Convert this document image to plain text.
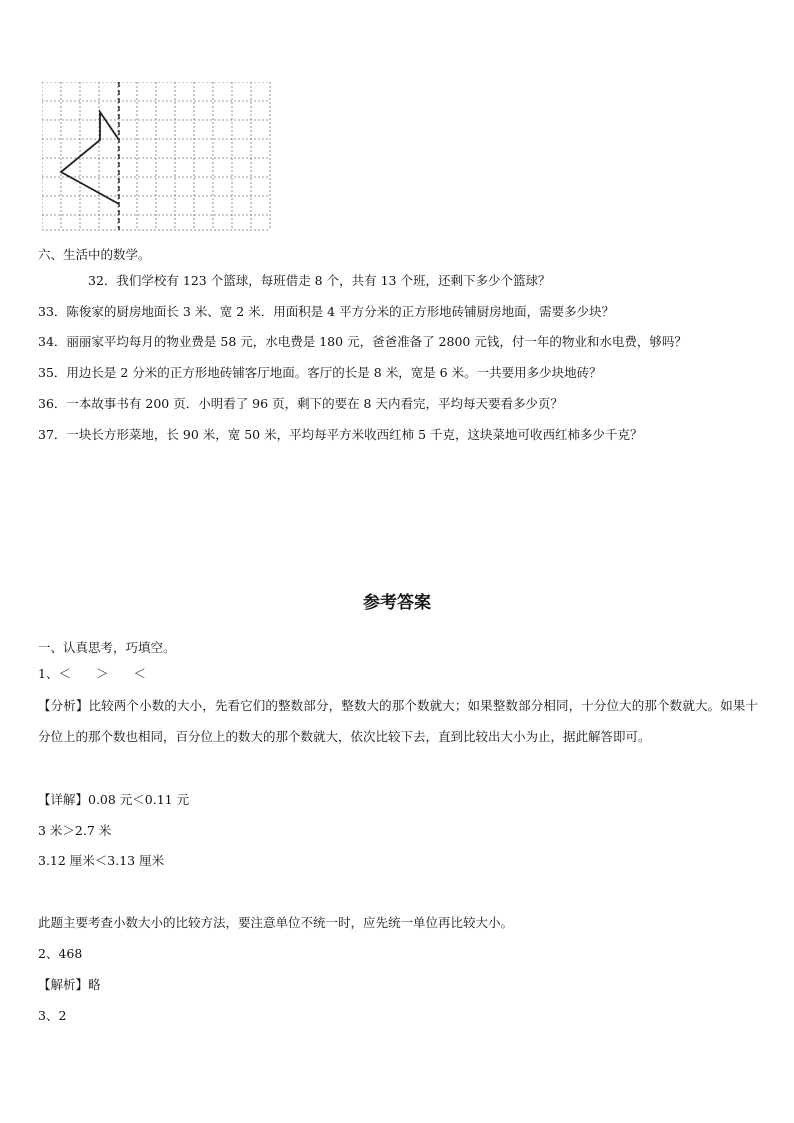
六、生活中的数学。
32．我们学校有 123 个篮球，每班借走 8 个，共有 13 个班，还剩下多少个篮球？
33．陈俊家的厨房地面长 3 米、宽 2 米．用面积是 4 平方分米的正方形地砖铺厨房地面，需要多少块？
34．丽丽家平均每月的物业费是 58 元，水电费是 180 元，爸爸准备了 2800 元钱，付一年的物业和水电费，够吗？
35．用边长是 2 分米的正方形地砖铺客厅地面。客厅的长是 8 米，宽是 6 米。一共要用多少块地砖？
36．一本故事书有 200 页．小明看了 96 页，剩下的要在 8 天内看完，平均每天要看多少页？
37．一块长方形菜地，长 90 米，宽 50 米，平均每平方米收西红柿 5 千克，这块菜地可收西红柿多少千克？
参考答案
一、认真思考，巧填空。
1、＜　　＞　　＜
【分析】比较两个小数的大小，先看它们的整数部分，整数大的那个数就大；如果整数部分相同，十分位大的那个数就大。如果十分位上的那个数也相同，百分位上的数大的那个数就大，依次比较下去，直到比较出大小为止，据此解答即可。
【详解】0.08 元＜0.11 元
3 米＞2.7 米
3.12 厘米＜3.13 厘米
此题主要考查小数大小的比较方法，要注意单位不统一时，应先统一单位再比较大小。
2、468
【解析】略
3、2
